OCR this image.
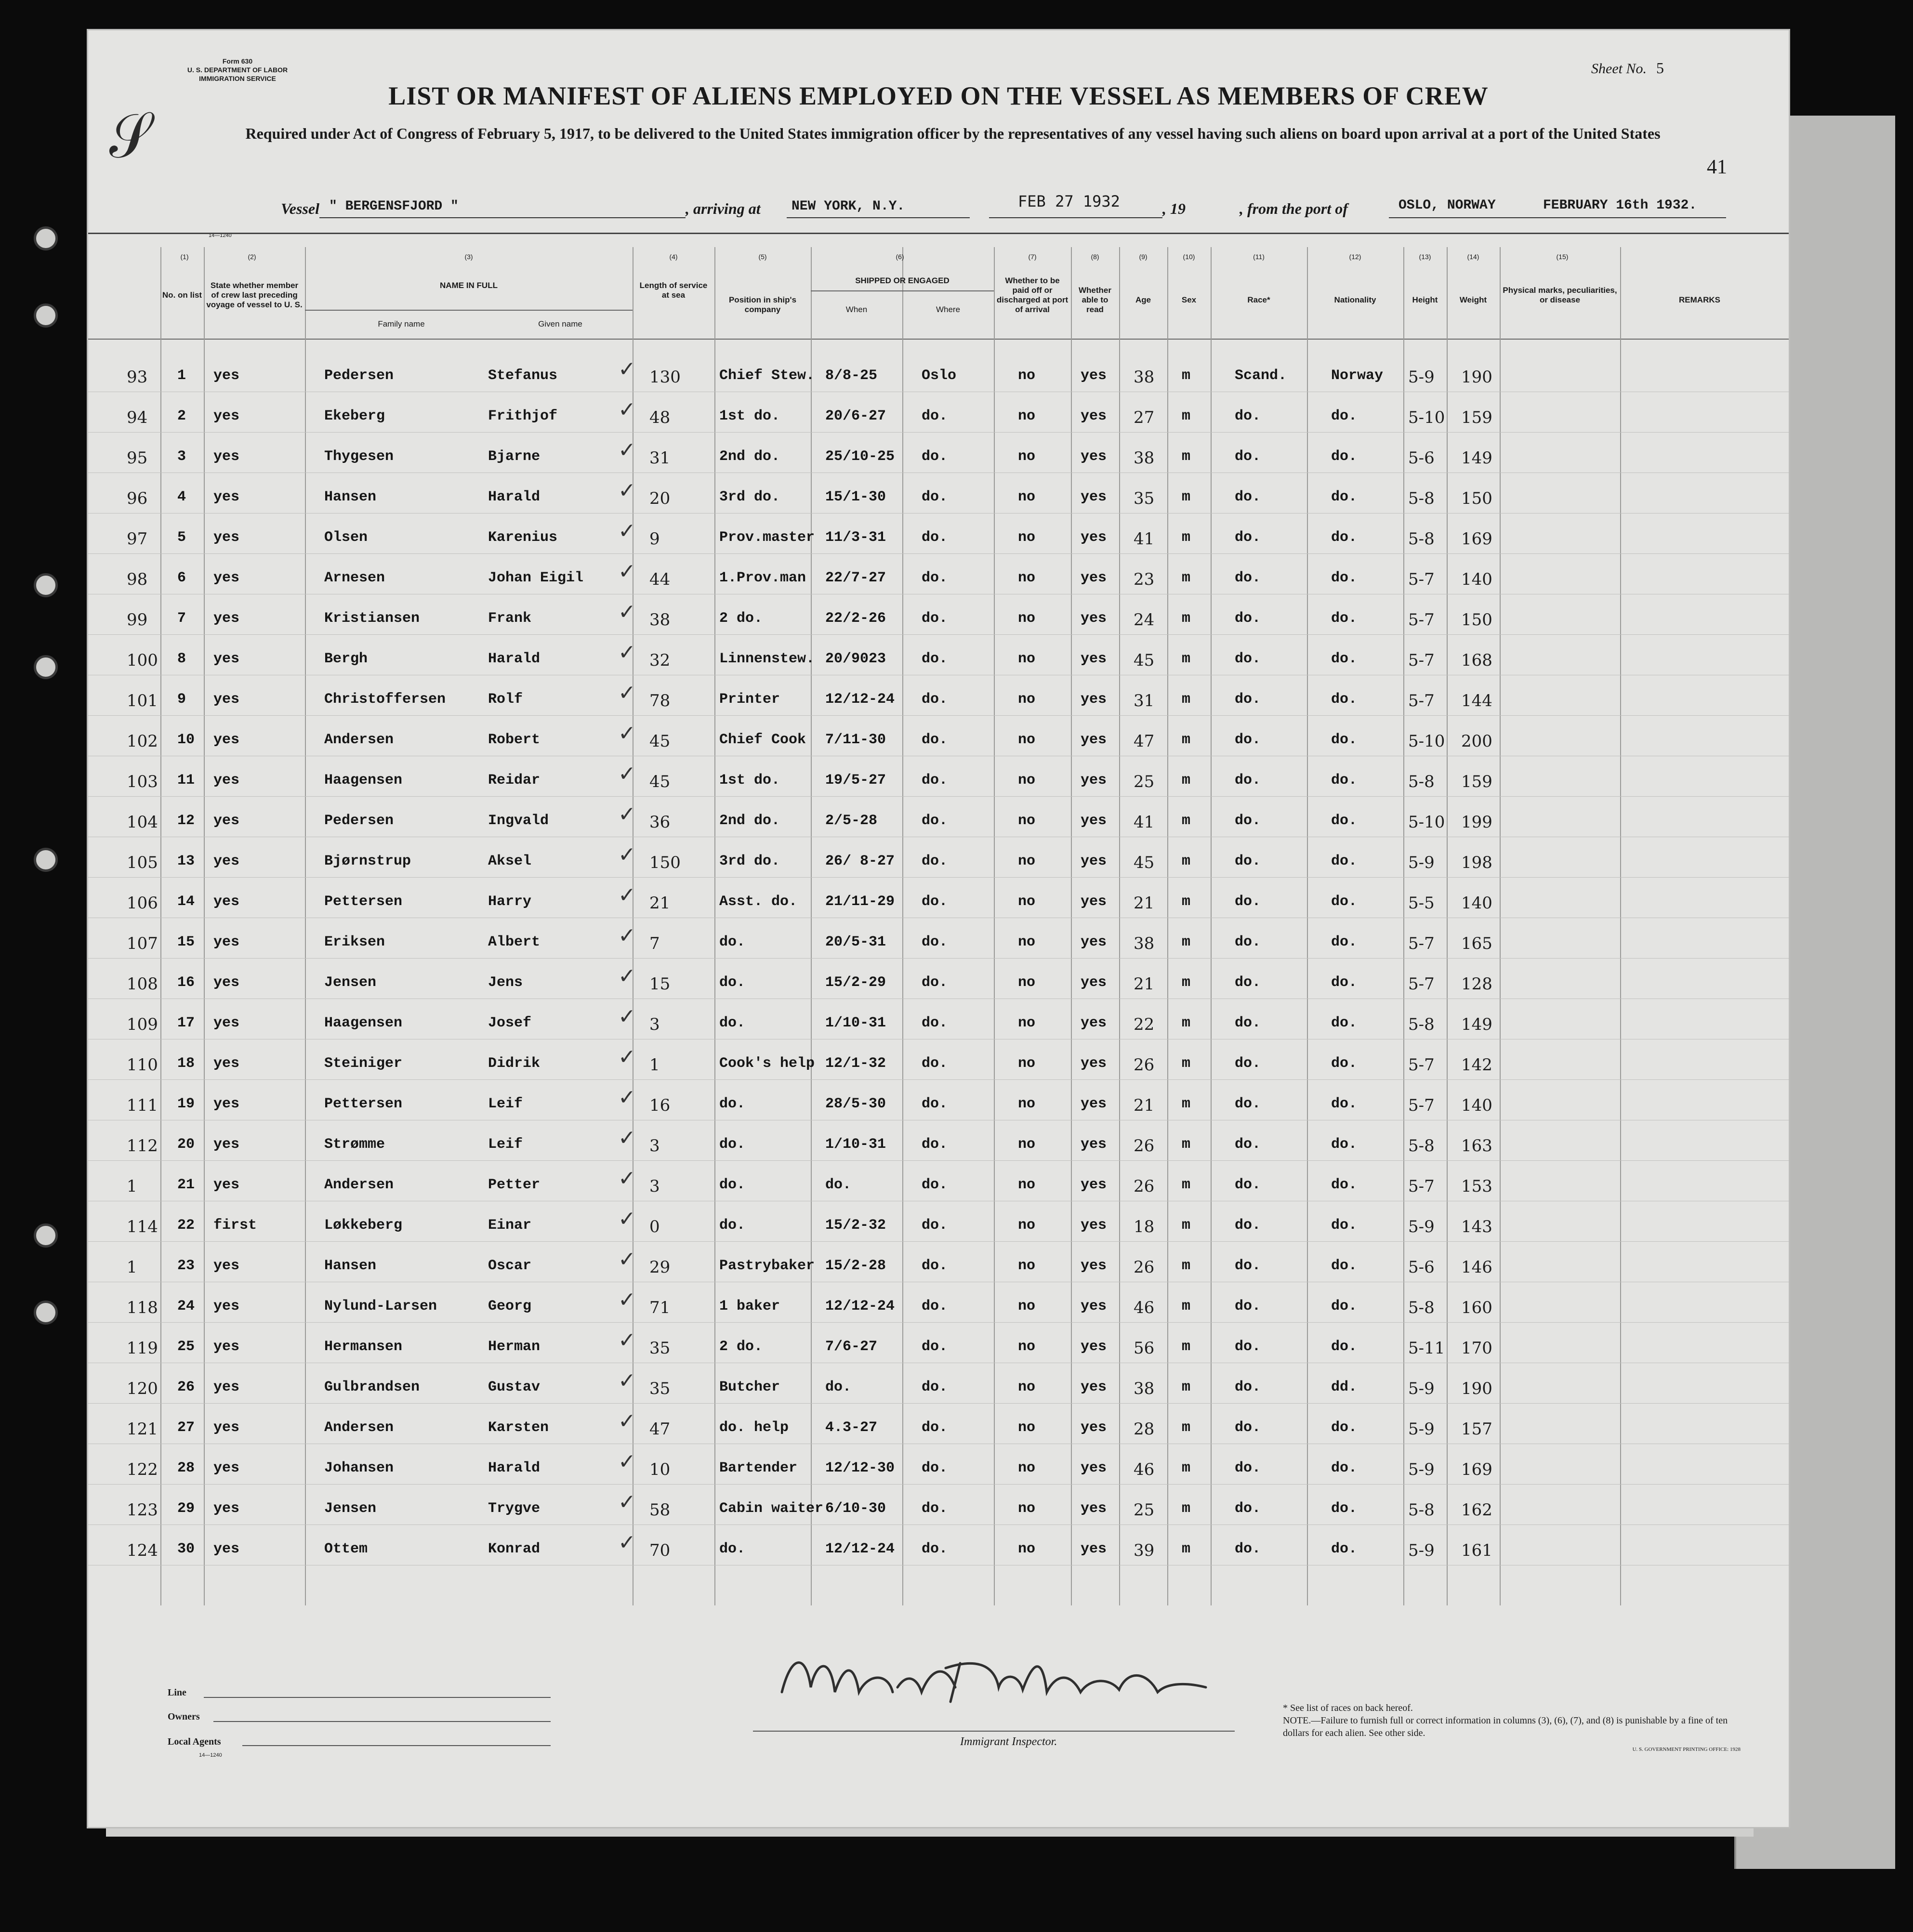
𝒮
Form 630
U. S. DEPARTMENT OF LABOR
IMMIGRATION SERVICE
Sheet No. 5
LIST OR MANIFEST OF ALIENS EMPLOYED ON THE VESSEL AS MEMBERS OF CREW
Required under Act of Congress of February 5, 1917, to be delivered to the United States immigration officer by the representatives of any vessel having such aliens on board upon arrival at a port of the United States
41
Vessel " BERGENSFJORD "	, arriving at NEW YORK, N.Y.	FEB 27 1932	, 19	, from the port of	OSLO, NORWAY	FEBRUARY 16th 1932.
14—1240
(1)	(2)	(3)	(4)	(5)	(6)	(7)	(8)	(9)	(10)	(11)	(12)	(13)	(14)	(15)
No. on list
State whether member of crew last preceding voyage of vessel to U. S.
NAME IN FULL
Family name	Given name
Length of service at sea
Position in ship's company
SHIPPED OR ENGAGED
When	Where
Whether to be paid off or discharged at port of arrival
Whether able to read
Age	Sex	Race*	Nationality	Height	Weight
Physical marks, peculiarities, or disease	REMARKS
93 1 yes	Pedersen	Stefanus	130	Chief Stew. 8/8-25	Oslo	no	yes 38 m	Scand.	Norway 5-9 190
✓
94 2 yes	Ekeberg	Frithjof	48	1st do.	20/6-27 do.	no	yes 27 m	do.	do.	5-10 159
✓
95 3 yes	Thygesen	Bjarne	31	2nd do.	25/10-25 do.	no	yes 38 m	do.	do.	5-6 149
✓
96 4 yes	Hansen	Harald	20	3rd do.	15/1-30 do.	no	yes 35 m	do.	do.	5-8 150
✓
97 5 yes	Olsen	Karenius	9	Prov.master 11/3-31 do.	no	yes 41 m	do.	do.	5-8 169
✓
98 6 yes	Arnesen	Johan Eigil	44	1.Prov.man 22/7-27 do.	no	yes 23 m	do.	do.	5-7 140
✓
99 7 yes	Kristiansen	Frank	38	2 do.	22/2-26 do.	no	yes 24 m	do.	do.	5-7 150
✓
100 8 yes	Bergh	Harald	32	Linnenstew. 20/9023 do.	no	yes 45 m	do.	do.	5-7 168
✓
101 9 yes	Christoffersen	Rolf	78	Printer	12/12-24 do.	no	yes 31 m	do.	do.	5-7 144
✓
102 10 yes	Andersen	Robert	45	Chief Cook 7/11-30 do.	no	yes 47 m	do.	do.	5-10 200
✓
103 11 yes	Haagensen	Reidar	45	1st do.	19/5-27 do.	no	yes 25 m	do.	do.	5-8 159
✓
104 12 yes	Pedersen	Ingvald	36	2nd do.	2/5-28	do.	no	yes 41 m	do.	do.	5-10 199
✓
105 13 yes	Bjørnstrup	Aksel	150	3rd do.	26/ 8-27 do.	no	yes 45 m	do.	do.	5-9 198
✓
106 14 yes	Pettersen	Harry	21	Asst. do. 21/11-29 do.	no	yes 21 m	do.	do.	5-5 140
✓
107 15 yes	Eriksen	Albert	7	do.	20/5-31 do.	no	yes 38 m	do.	do.	5-7 165
✓
108 16 yes	Jensen	Jens	15	do.	15/2-29 do.	no	yes 21 m	do.	do.	5-7 128
✓
109 17 yes	Haagensen	Josef	3	do.	1/10-31 do.	no	yes 22 m	do.	do.	5-8 149
✓
110 18 yes	Steiniger	Didrik	1	Cook's help 12/1-32 do.	no	yes 26 m	do.	do.	5-7 142
✓
111 19 yes	Pettersen	Leif	16	do.	28/5-30 do.	no	yes 21 m	do.	do.	5-7 140
✓
112 20 yes	Strømme	Leif	3	do.	1/10-31 do.	no	yes 26 m	do.	do.	5-8 163
✓
1	21 yes	Andersen	Petter	3	do.	do.	do.	no	yes 26 m	do.	do.	5-7 153
✓
114 22 first	Løkkeberg	Einar	0	do.	15/2-32 do.	no	yes 18 m	do.	do.	5-9 143
✓
1	23 yes	Hansen	Oscar	29	Pastrybaker 15/2-28 do.	no	yes 26 m	do.	do.	5-6 146
✓
118 24 yes	Nylund-Larsen	Georg	71	1 baker	12/12-24 do.	no	yes 46 m	do.	do.	5-8 160
✓
119 25 yes	Hermansen	Herman	35	2 do.	7/6-27	do.	no	yes 56 m	do.	do.	5-11 170
✓
120 26 yes	Gulbrandsen	Gustav	35	Butcher	do.	do.	no	yes 38 m	do.	dd.	5-9 190
✓
121 27 yes	Andersen	Karsten	47	do. help	4.3-27	do.	no	yes 28 m	do.	do.	5-9 157
✓
122 28 yes	Johansen	Harald	10	Bartender 12/12-30 do.	no	yes 46 m	do.	do.	5-9 169
✓
123 29 yes	Jensen	Trygve	58	Cabin waiter 6/10-30 do.	no	yes 25 m	do.	do.	5-8 162
✓
124 30 yes	Ottem	Konrad	70	do.	12/12-24 do.	no	yes 39 m	do.	do.	5-9 161
✓
Line
Owners
Local Agents
14—1240
Immigrant Inspector.
* See list of races on back hereof.
NOTE.—Failure to furnish full or correct information in columns (3), (6), (7), and (8) is punishable by a fine of ten dollars for each alien. See other side.
U. S. GOVERNMENT PRINTING OFFICE: 1928
